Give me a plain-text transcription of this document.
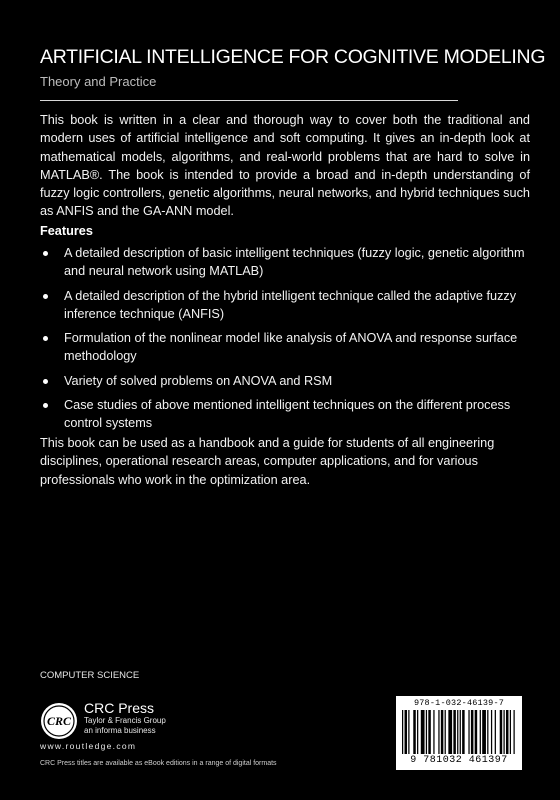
ARTIFICIAL INTELLIGENCE FOR COGNITIVE MODELING
Theory and Practice

This book is written in a clear and thorough way to cover both the traditional and modern uses of artificial intelligence and soft computing. It gives an in-depth look at mathematical models, algorithms, and real-world problems that are hard to solve in MATLAB®. The book is intended to provide a broad and in-depth understanding of fuzzy logic controllers, genetic algorithms, neural networks, and hybrid techniques such as ANFIS and the GA-ANN model.

Features

A detailed description of basic intelligent techniques (fuzzy logic, genetic algorithm and neural network using MATLAB)
A detailed description of the hybrid intelligent technique called the adaptive fuzzy inference technique (ANFIS)
Formulation of the nonlinear model like analysis of ANOVA and response surface methodology
Variety of solved problems on ANOVA and RSM
Case studies of above mentioned intelligent techniques on the different process control systems

This book can be used as a handbook and a guide for students of all engineering disciplines, operational research areas, computer applications, and for various professionals who work in the optimization area.

COMPUTER SCIENCE
CRC
CRC Press
Taylor & Francis Group
an informa business
www.routledge.com
CRC Press titles are available as eBook editions in a range of digital formats
978-1-032-46139-7
9 781032 461397
